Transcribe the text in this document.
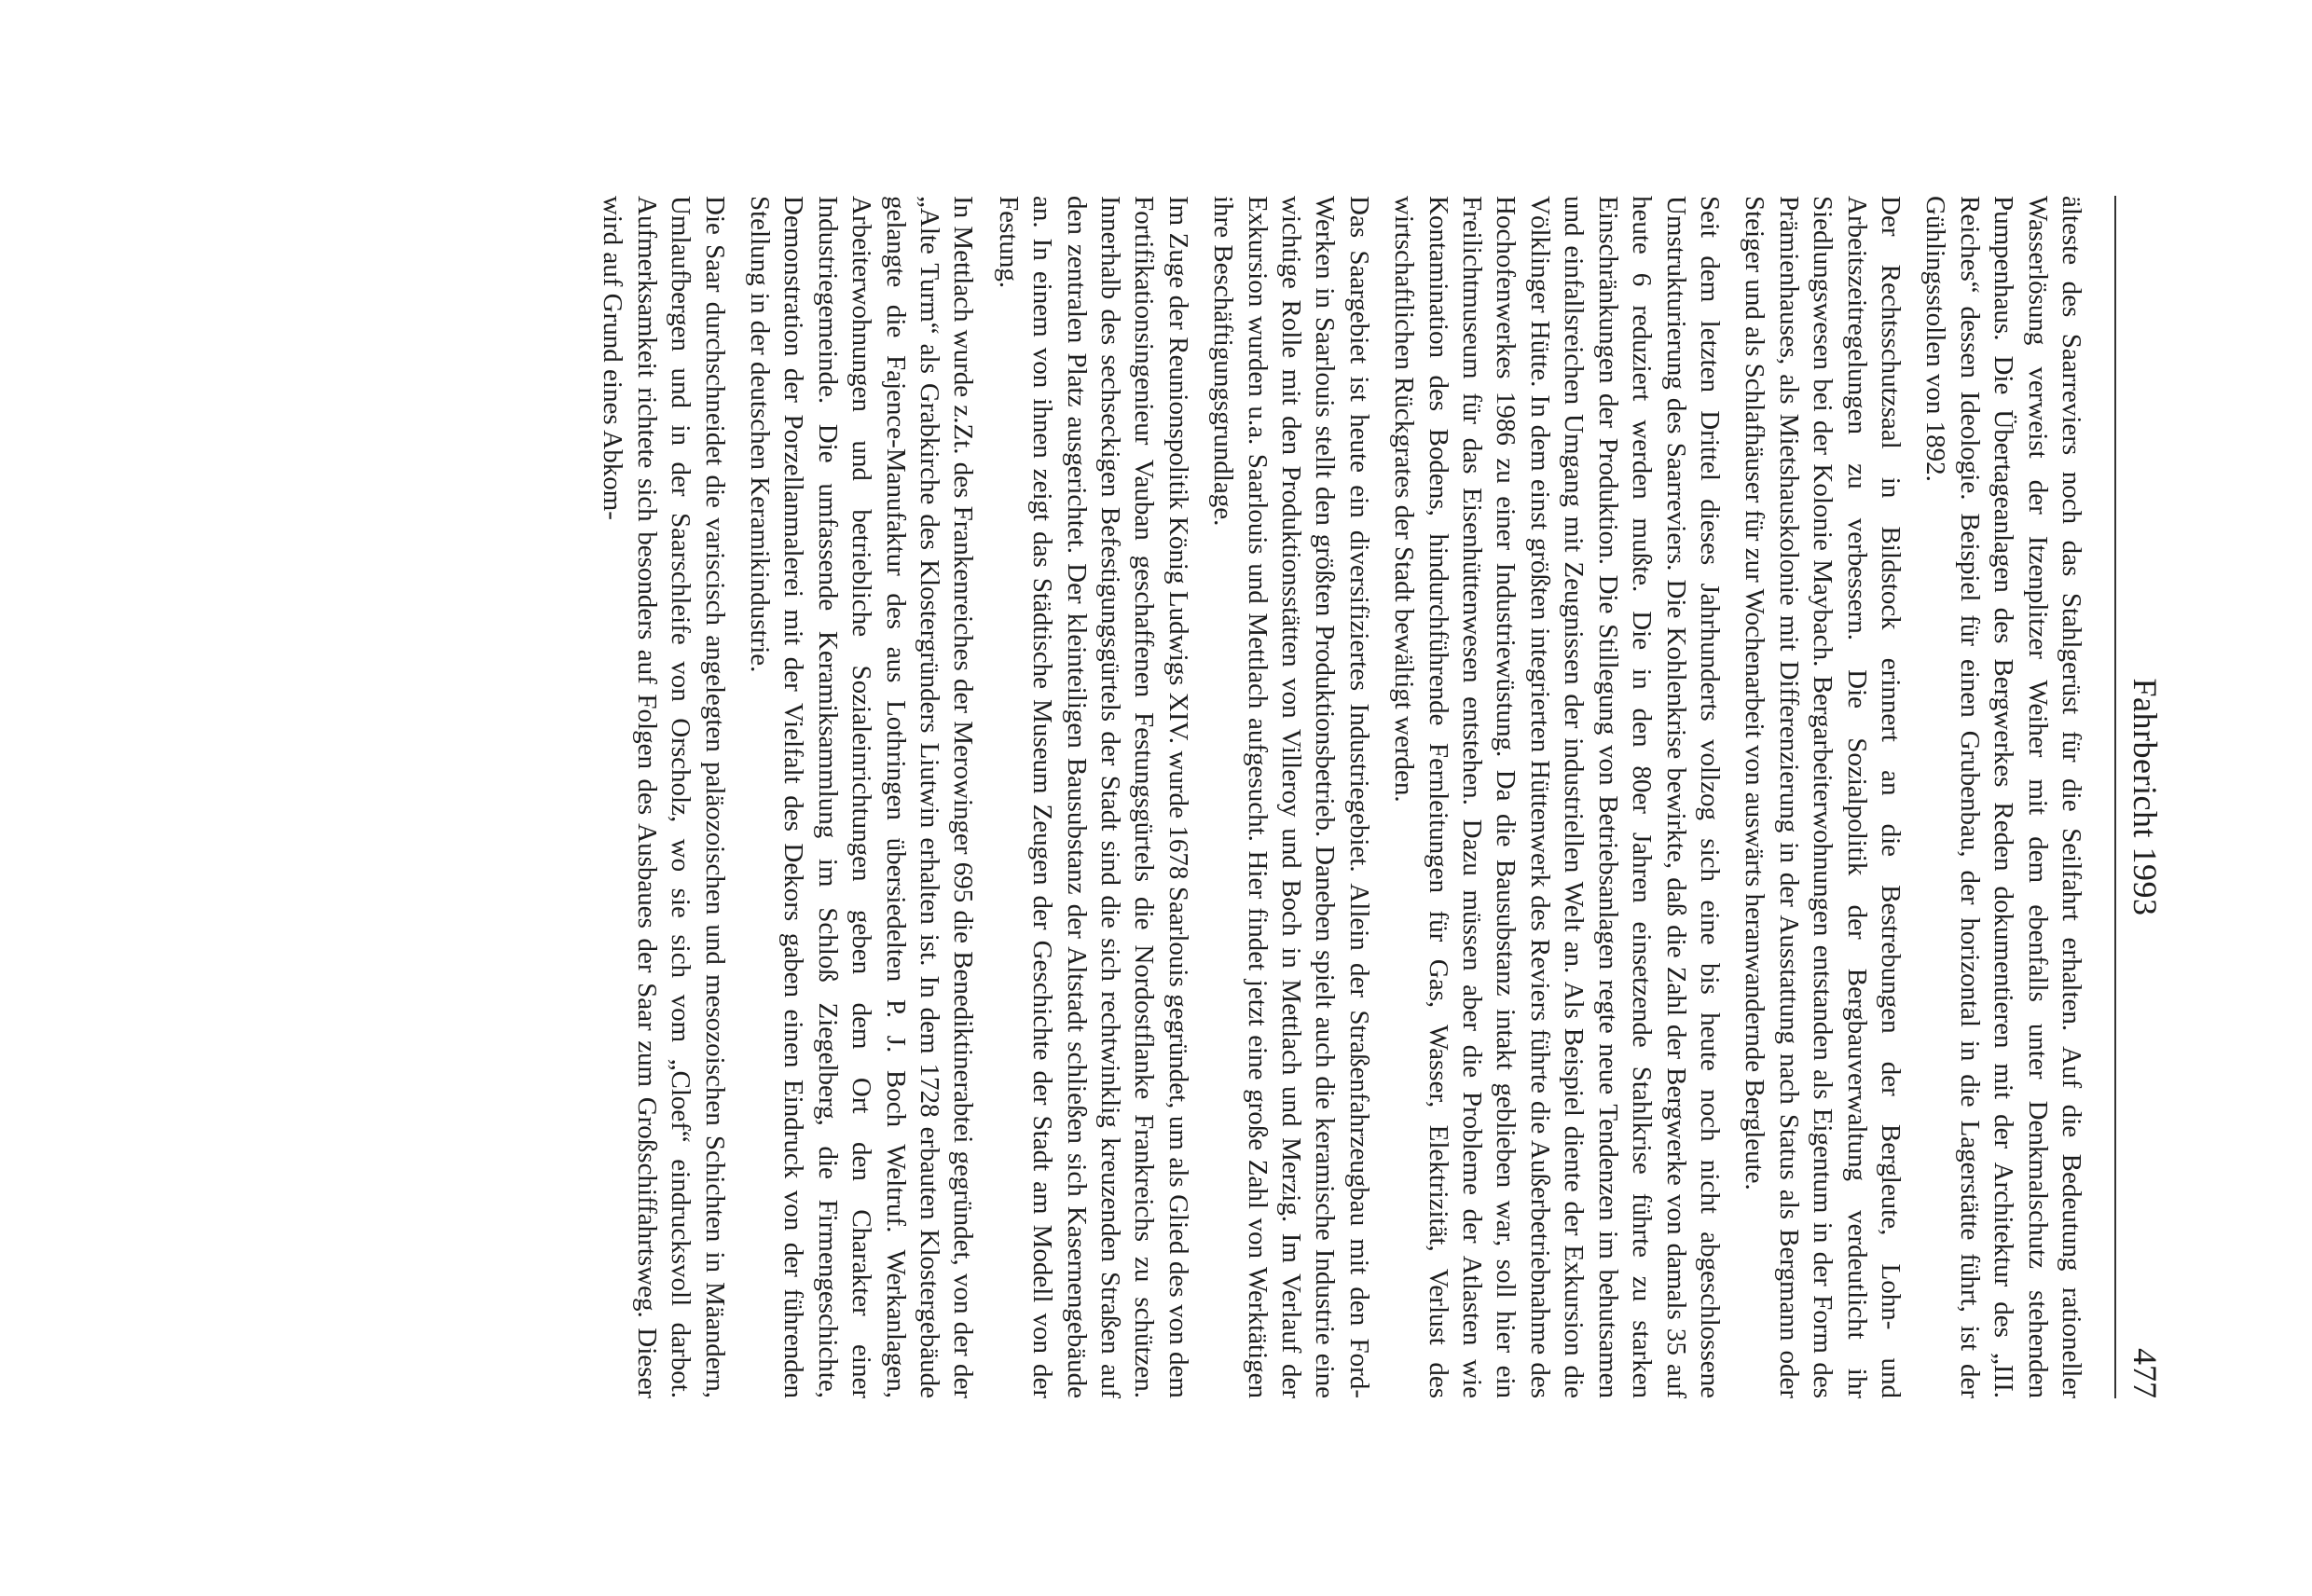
Fahrbericht 1993
477

älteste des Saarreviers noch das Stahlgerüst für die Seilfahrt erhalten. Auf die Bedeutung rationeller Wasserlösung verweist der Itzenplitzer Weiher mit dem ebenfalls unter Denkmalschutz stehenden Pumpenhaus. Die Übertageanlagen des Bergwerkes Reden dokumentieren mit der Architektur des „III. Reiches“ dessen Ideologie. Beispiel für einen Grubenbau, der horizontal in die Lagerstätte führt, ist der Gühlingsstollen von 1892.

Der Rechtsschutzsaal in Bildstock erinnert an die Bestrebungen der Bergleute, Lohn- und Arbeitszeitregelungen zu verbessern. Die Sozialpolitik der Bergbauverwaltung verdeutlicht ihr Siedlungswesen bei der Kolonie Maybach. Bergarbeiterwohnungen entstanden als Eigentum in der Form des Prämienhauses, als Mietshauskolonie mit Differenzierung in der Ausstattung nach Status als Bergmann oder Steiger und als Schlafhäuser für zur Wochenarbeit von auswärts heranwandernde Bergleute.

Seit dem letzten Drittel dieses Jahrhunderts vollzog sich eine bis heute noch nicht abgeschlossene Umstrukturierung des Saarreviers. Die Kohlenkrise bewirkte, daß die Zahl der Bergwerke von damals 35 auf heute 6 reduziert werden mußte. Die in den 80er Jahren einsetzende Stahlkrise führte zu starken Einschränkungen der Produktion. Die Stillegung von Betriebsanlagen regte neue Tendenzen im behutsamen und einfallsreichen Umgang mit Zeugnissen der industriellen Welt an. Als Beispiel diente der Exkursion die Völklinger Hütte. In dem einst größten integrierten Hüttenwerk des Reviers führte die Außerbetriebnahme des Hochofenwerkes 1986 zu einer Industriewüstung. Da die Bausubstanz intakt geblieben war, soll hier ein Freilichtmuseum für das Eisenhüttenwesen entstehen. Dazu müssen aber die Probleme der Atlasten wie Kontamination des Bodens, hindurchführende Fernleitungen für Gas, Wasser, Elektrizität, Verlust des wirtschaftlichen Rückgrates der Stadt bewältigt werden.

Das Saargebiet ist heute ein diversifiziertes Industriegebiet. Allein der Straßenfahrzeugbau mit den Ford-Werken in Saarlouis stellt den größten Produktionsbetrieb. Daneben spielt auch die keramische Industrie eine wichtige Rolle mit den Produktionsstätten von Villeroy und Boch in Mettlach und Merzig. Im Verlauf der Exkursion wurden u.a. Saarlouis und Mettlach aufgesucht. Hier findet jetzt eine große Zahl von Werktätigen ihre Beschäftigungsgrundlage.

Im Zuge der Reunionspolitik König Ludwigs XIV. wurde 1678 Saarlouis gegründet, um als Glied des von dem Fortifikationsingenieur Vauban geschaffenen Festungsgürtels die Nordostflanke Frankreichs zu schützen. Innerhalb des sechseckigen Befestigungsgürtels der Stadt sind die sich rechtwinklig kreuzenden Straßen auf den zentralen Platz ausgerichtet. Der kleinteiligen Bausubstanz der Altstadt schließen sich Kasernengebäude an. In einem von ihnen zeigt das Städtische Museum Zeugen der Geschichte der Stadt am Modell von der Festung.

In Mettlach wurde z.Zt. des Frankenreiches der Merowinger 695 die Benediktinerabtei gegründet, von der der „Alte Turm“ als Grabkirche des Klostergründers Liutwin erhalten ist. In dem 1728 erbauten Klostergebäude gelangte die Fajence-Manufaktur des aus Lothringen übersiedelten P. J. Boch Weltruf. Werkanlagen, Arbeiterwohnungen und betriebliche Sozialeinrichtungen geben dem Ort den Charakter einer Industriegemeinde. Die umfassende Keramiksammlung im Schloß Ziegelberg, die Firmengeschichte, Demonstration der Porzellanmalerei mit der Vielfalt des Dekors gaben einen Eindruck von der führenden Stellung in der deutschen Keramikindustrie.

Die Saar durchschneidet die variscisch angelegten paläozoischen und mesozoischen Schichten in Mäandern, Umlaufbergen und in der Saarschleife von Orscholz, wo sie sich vom „Cloef“ eindrucksvoll darbot. Aufmerksamkeit richtete sich besonders auf Folgen des Ausbaues der Saar zum Großschiffahrtsweg. Dieser wird auf Grund eines Abkom-
